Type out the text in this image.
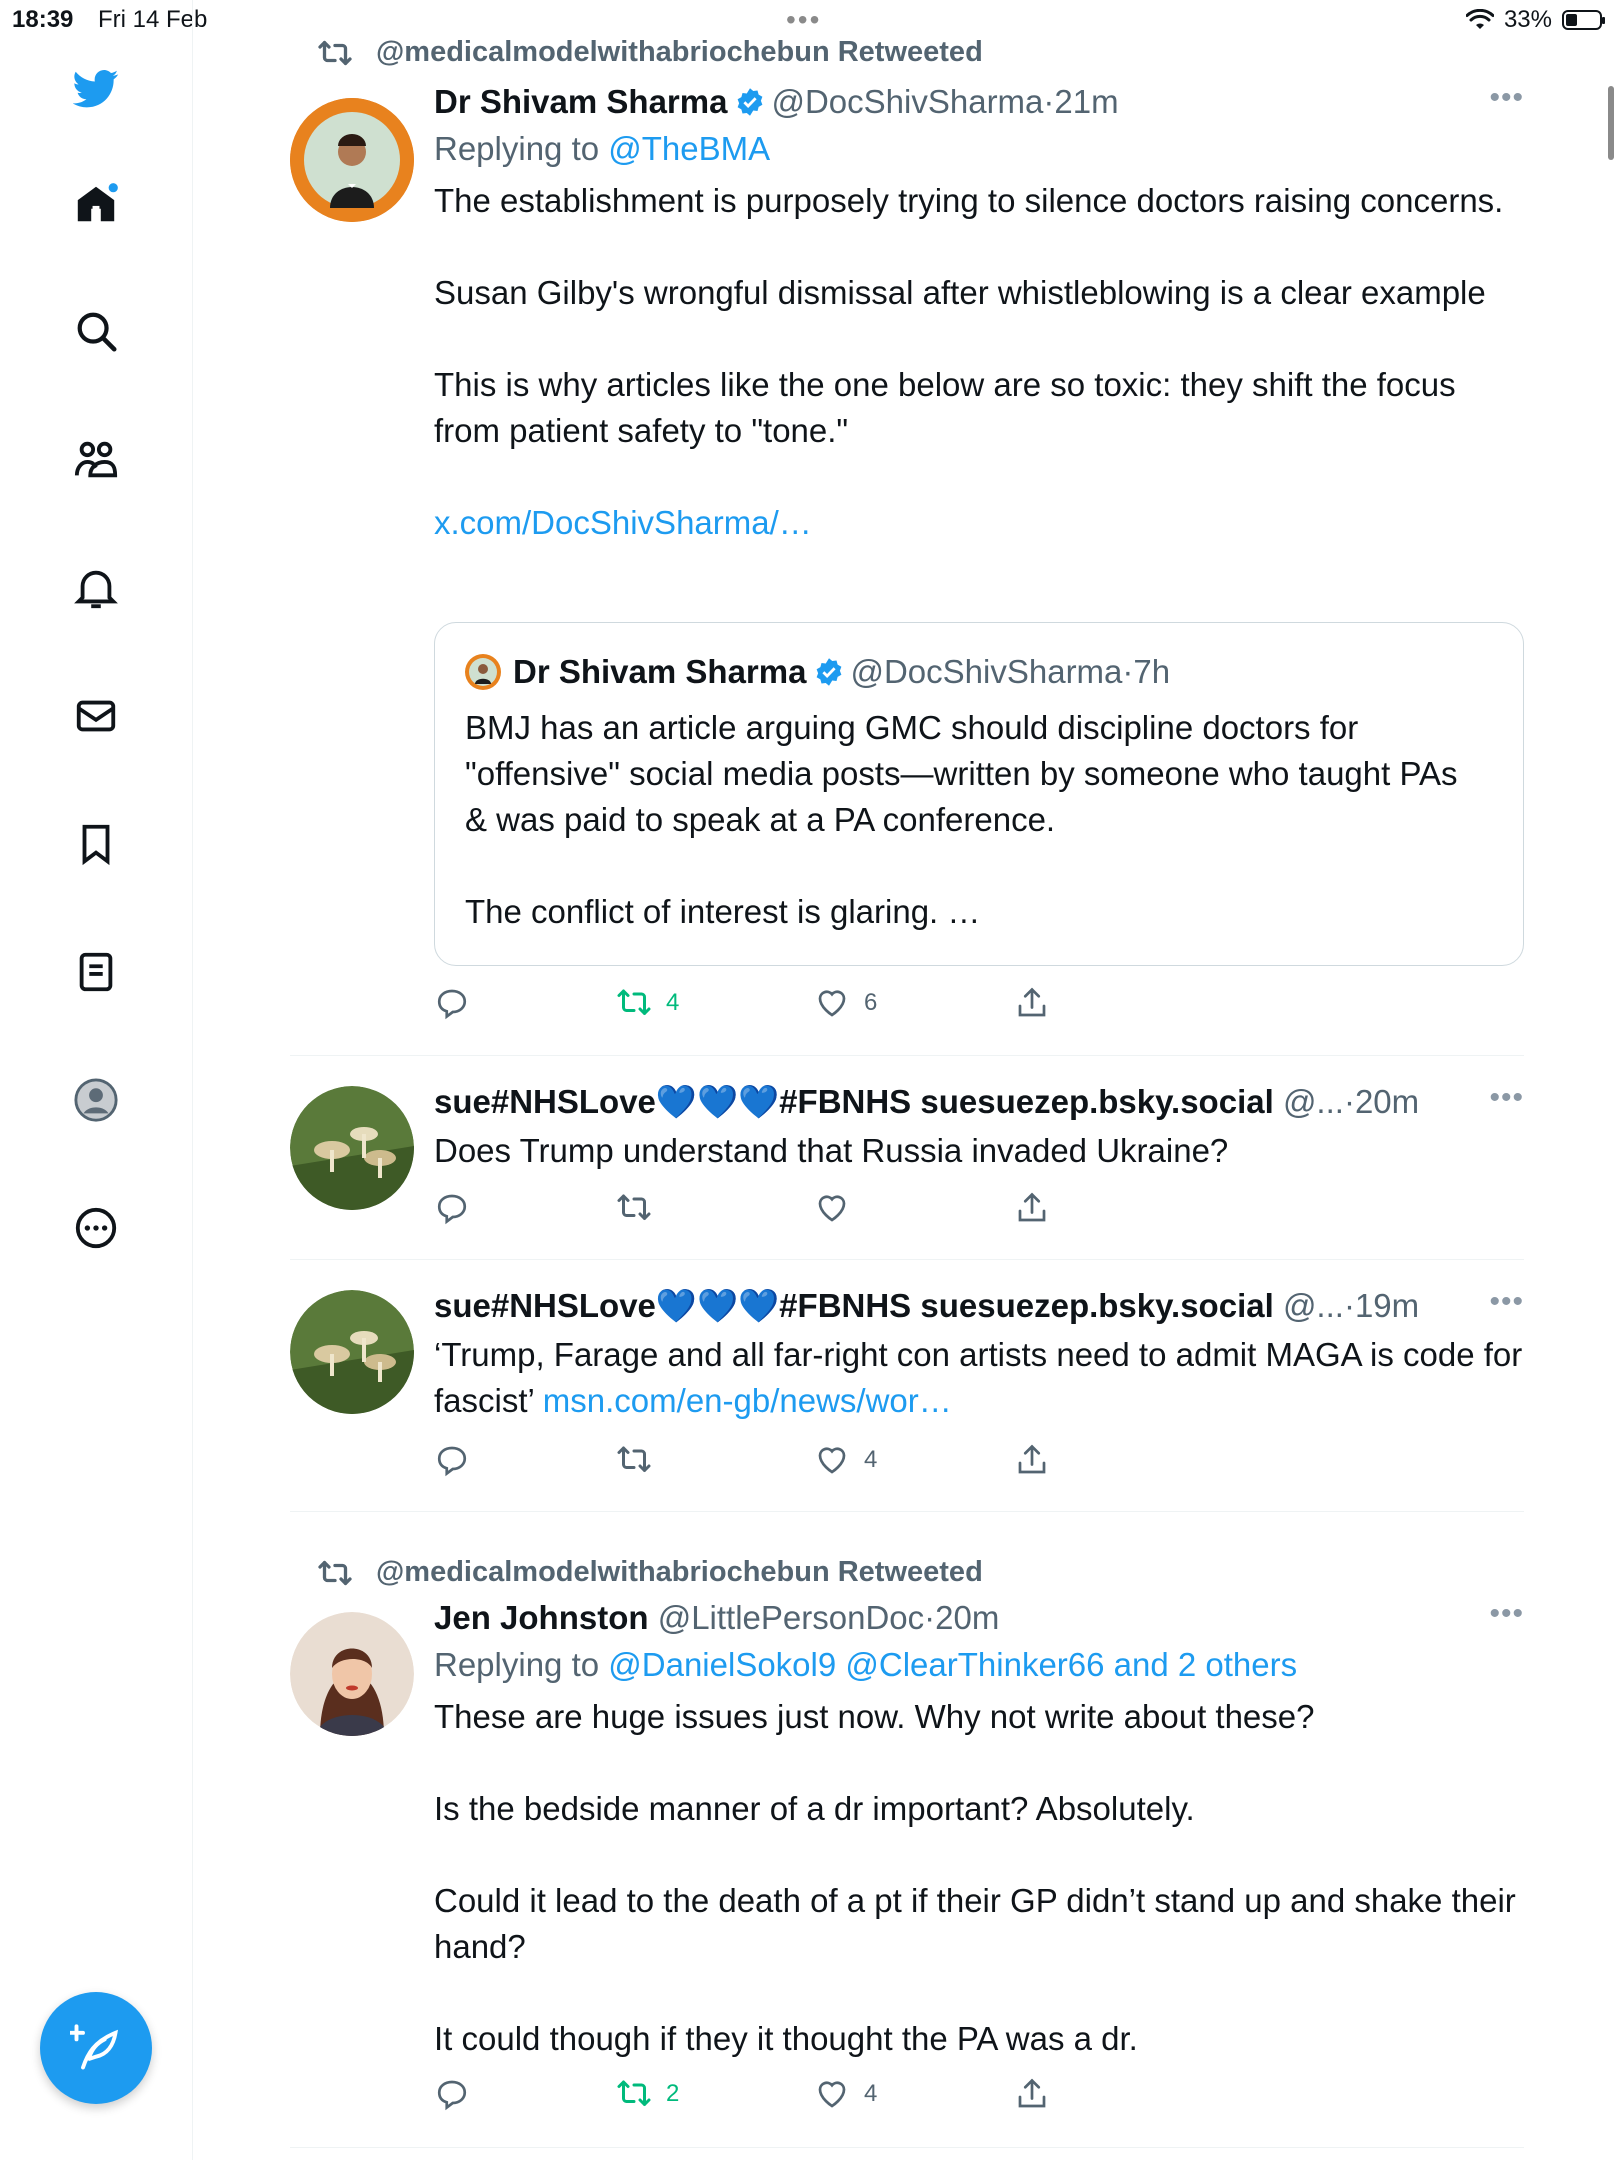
18:39 Fri 14 Feb	•••	33%
@medicalmodelwithabriochebun Retweeted
Dr Shivam Sharma @DocShivSharma·21m	•••
Replying to @TheBMA

The establishment is purposely trying to silence doctors raising concerns.

Susan Gilby's wrongful dismissal after whistleblowing is a clear example

This is why articles like the one below are so toxic: they shift the focus from patient safety to "tone."

x.com/DocShivSharma/…

Dr Shivam Sharma @DocShivSharma · 7h

BMJ has an article arguing GMC should discipline doctors for "offensive" social media posts—written by someone who taught PAs & was paid to speak at a PA conference.

The conflict of interest is glaring. …

4	6
sue#NHSLove💙💙💙#FBNHS suesuezep.bsky.social @...·20m •••
Does Trump understand that Russia invaded Ukraine?
sue#NHSLove💙💙💙#FBNHS suesuezep.bsky.social @...·19m •••
‘Trump, Farage and all far-right con artists need to admit MAGA is code for fascist’ msn.com/en-gb/news/wor…
4
@medicalmodelwithabriochebun Retweeted
Jen Johnston @LittlePersonDoc·20m	•••
Replying to @DanielSokol9 @ClearThinker66 and 2 others

These are huge issues just now. Why not write about these?

Is the bedside manner of a dr important? Absolutely.

Could it lead to the death of a pt if their GP didn’t stand up and shake their hand?

It could though if they it thought the PA was a dr.

2	4
